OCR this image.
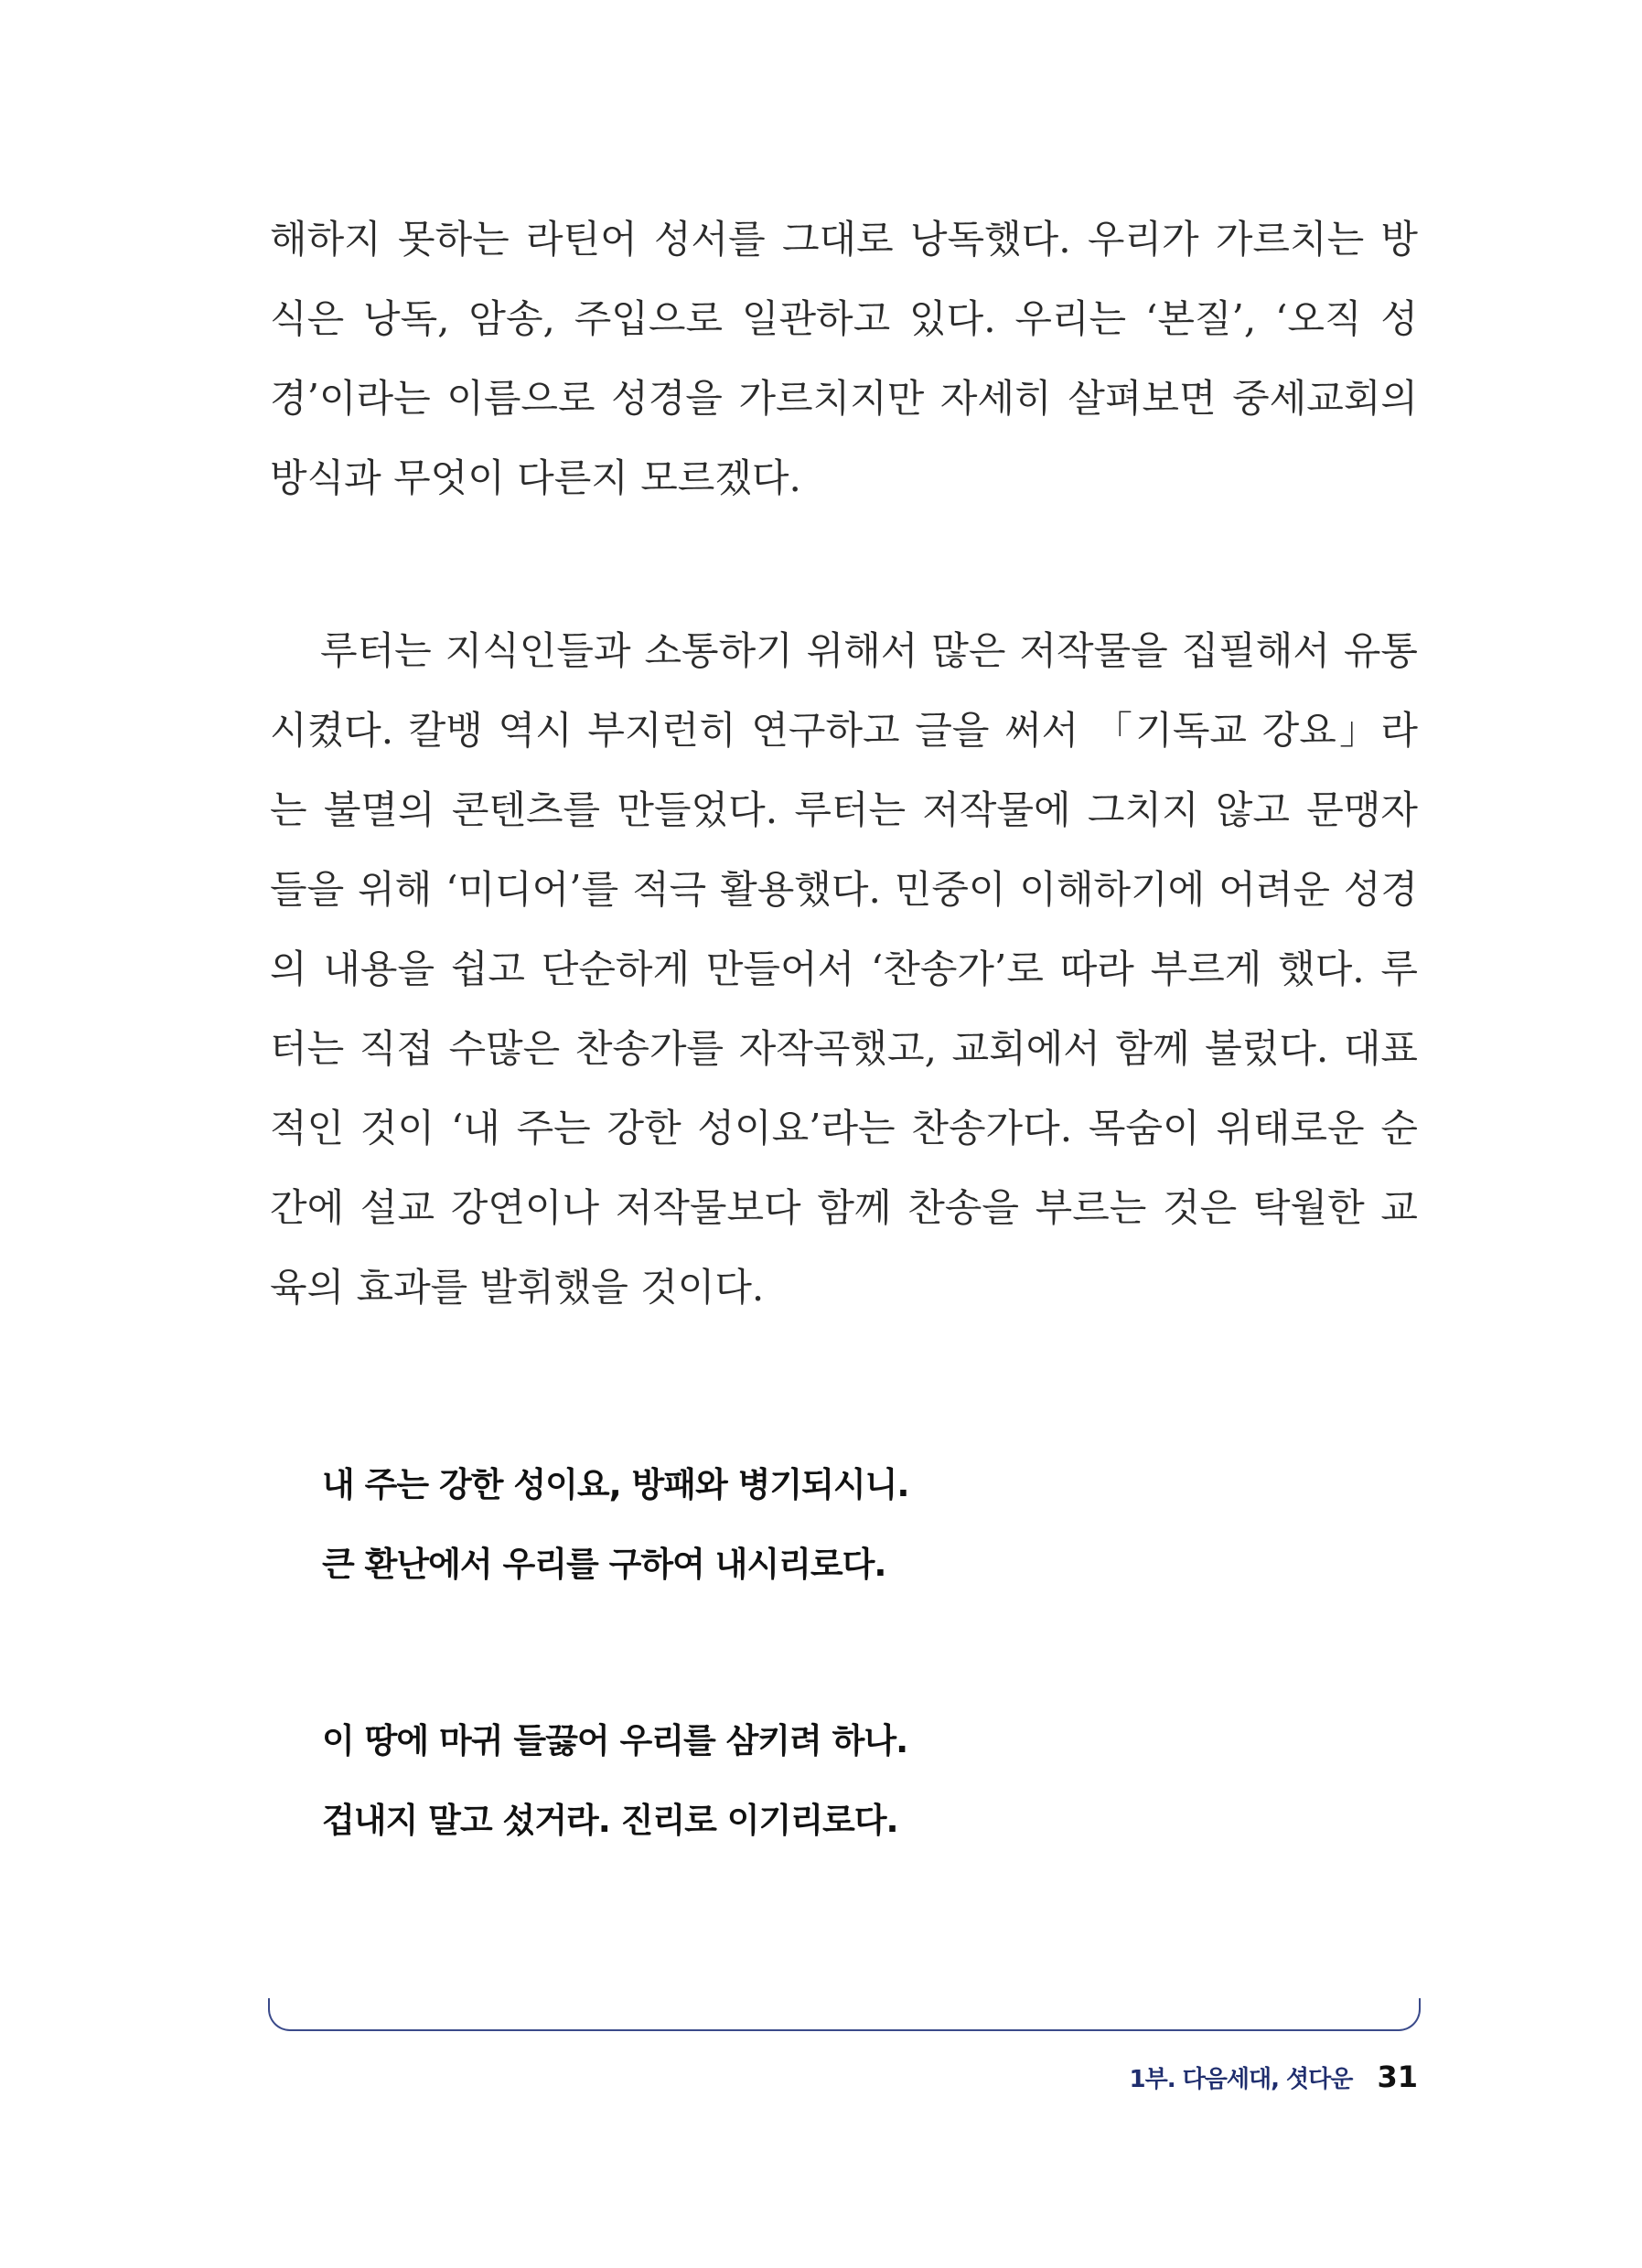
해하지 못하는 라틴어 성서를 그대로 낭독했다. 우리가 가르치는 방식은 낭독, 암송, 주입으로 일관하고 있다. 우리는 ‘본질’, ‘오직 성경’이라는 이름으로 성경을 가르치지만 자세히 살펴보면 중세교회의 방식과 무엇이 다른지 모르겠다.

루터는 지식인들과 소통하기 위해서 많은 저작물을 집필해서 유통시켰다. 칼뱅 역시 부지런히 연구하고 글을 써서 「기독교 강요」라는 불멸의 콘텐츠를 만들었다. 루터는 저작물에 그치지 않고 문맹자들을 위해 ‘미디어’를 적극 활용했다. 민중이 이해하기에 어려운 성경의 내용을 쉽고 단순하게 만들어서 ‘찬송가’로 따라 부르게 했다. 루터는 직접 수많은 찬송가를 자작곡했고, 교회에서 함께 불렀다. 대표적인 것이 ‘내 주는 강한 성이요’라는 찬송가다. 목숨이 위태로운 순간에 설교 강연이나 저작물보다 함께 찬송을 부르는 것은 탁월한 교육의 효과를 발휘했을 것이다.

내 주는 강한 성이요, 방패와 병기되시니.
큰 환난에서 우리를 구하여 내시리로다.
이 땅에 마귀 들끓어 우리를 삼키려 하나.
겁내지 말고 섰거라. 진리로 이기리로다.
1부. 다음세대, 셧다운 31
